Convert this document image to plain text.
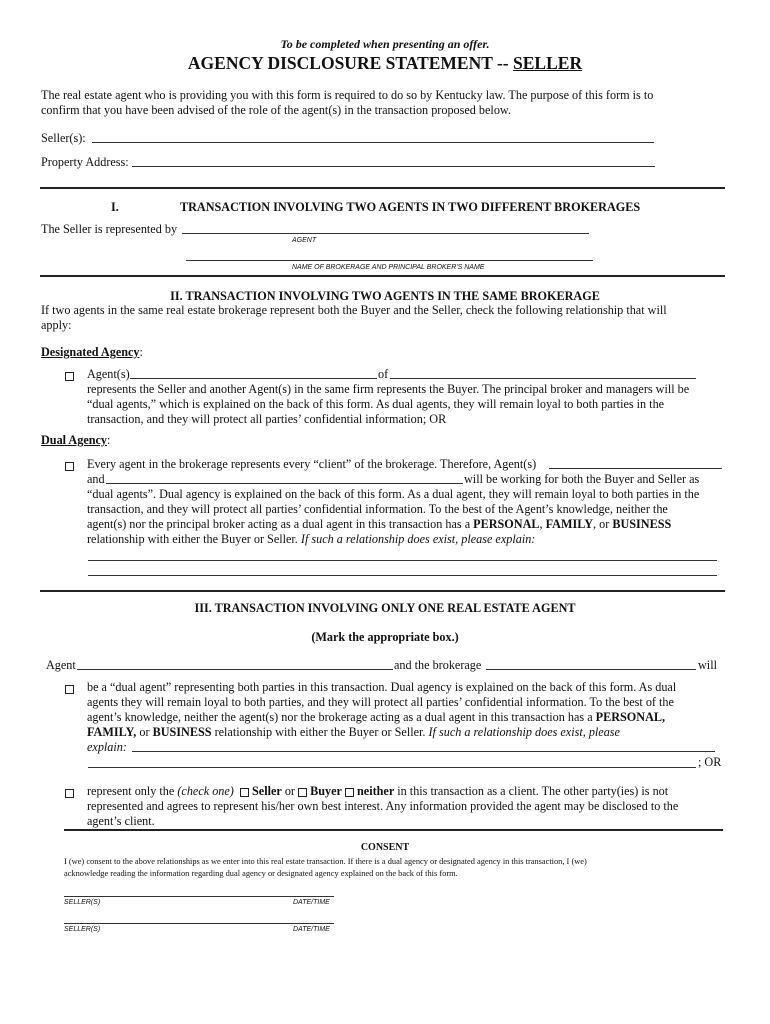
To be completed when presenting an offer.
AGENCY DISCLOSURE STATEMENT -- SELLER
The real estate agent who is providing you with this form is required to do so by Kentucky law. The purpose of this form is to
confirm that you have been advised of the role of the agent(s) in the transaction proposed below.
Seller(s):
Property Address:
I.	TRANSACTION INVOLVING TWO AGENTS IN TWO DIFFERENT BROKERAGES
The Seller is represented by
AGENT
NAME OF BROKERAGE AND PRINCIPAL BROKER'S NAME
II. TRANSACTION INVOLVING TWO AGENTS IN THE SAME BROKERAGE
If two agents in the same real estate brokerage represent both the Buyer and the Seller, check the following relationship that will
apply:
Designated Agency:
Agent(s)	of
represents the Seller and another Agent(s) in the same firm represents the Buyer. The principal broker and managers will be
“dual agents,” which is explained on the back of this form. As dual agents, they will remain loyal to both parties in the
transaction, and they will protect all parties’ confidential information; OR
Dual Agency:
Every agent in the brokerage represents every “client” of the brokerage. Therefore, Agent(s)
and	will be working for both the Buyer and Seller as
“dual agents”. Dual agency is explained on the back of this form. As a dual agent, they will remain loyal to both parties in the
transaction, and they will protect all parties’ confidential information. To the best of the Agent’s knowledge, neither the
agent(s) nor the principal broker acting as a dual agent in this transaction has a PERSONAL, FAMILY, or BUSINESS
relationship with either the Buyer or Seller. If such a relationship does exist, please explain:
III. TRANSACTION INVOLVING ONLY ONE REAL ESTATE AGENT
(Mark the appropriate box.)
Agent	and the brokerage	will
be a “dual agent” representing both parties in this transaction. Dual agency is explained on the back of this form. As dual
agents they will remain loyal to both parties, and they will protect all parties’ confidential information. To the best of the
agent’s knowledge, neither the agent(s) nor the brokerage acting as a dual agent in this transaction has a PERSONAL,
FAMILY, or BUSINESS relationship with either the Buyer or Seller. If such a relationship does exist, please
explain:
; OR
represent only the (check one) Seller or Buyer neither in this transaction as a client. The other party(ies) is not
represented and agrees to represent his/her own best interest. Any information provided the agent may be disclosed to the
agent’s client.
CONSENT
I (we) consent to the above relationships as we enter into this real estate transaction. If there is a dual agency or designated agency in this transaction, I (we)
acknowledge reading the information regarding dual agency or designated agency explained on the back of this form.
SELLER(S)	DATE/TIME
SELLER(S)	DATE/TIME
